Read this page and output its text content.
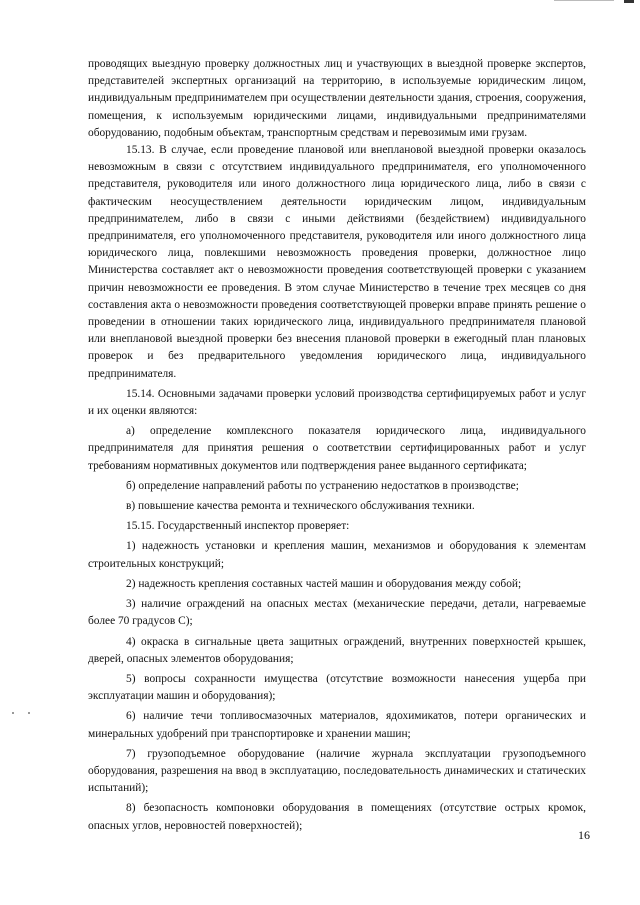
проводящих выездную проверку должностных лиц и участвующих в выездной проверке экспертов, представителей экспертных организаций на территорию, в используемые юридическим лицом, индивидуальным предпринимателем при осуществлении деятельности здания, строения, сооружения, помещения, к используемым юридическими лицами, индивидуальными предпринимателями оборудованию, подобным объектам, транспортным средствам и перевозимым ими грузам.

15.13. В случае, если проведение плановой или внеплановой выездной проверки оказалось невозможным в связи с отсутствием индивидуального предпринимателя, его уполномоченного представителя, руководителя или иного должностного лица юридического лица, либо в связи с фактическим неосуществлением деятельности юридическим лицом, индивидуальным предпринимателем, либо в связи с иными действиями (бездействием) индивидуального предпринимателя, его уполномоченного представителя, руководителя или иного должностного лица юридического лица, повлекшими невозможность проведения проверки, должностное лицо Министерства составляет акт о невозможности проведения соответствующей проверки с указанием причин невозможности ее проведения. В этом случае Министерство в течение трех месяцев со дня составления акта о невозможности проведения соответствующей проверки вправе принять решение о проведении в отношении таких юридического лица, индивидуального предпринимателя плановой или внеплановой выездной проверки без внесения плановой проверки в ежегодный план плановых проверок и без предварительного уведомления юридического лица, индивидуального предпринимателя.

15.14. Основными задачами проверки условий производства сертифицируемых работ и услуг и их оценки являются:

а) определение комплексного показателя юридического лица, индивидуального предпринимателя для принятия решения о соответствии сертифицированных работ и услуг требованиям нормативных документов или подтверждения ранее выданного сертификата;

б) определение направлений работы по устранению недостатков в производстве;

в) повышение качества ремонта и технического обслуживания техники.

15.15. Государственный инспектор проверяет:

1) надежность установки и крепления машин, механизмов и оборудования к элементам строительных конструкций;

2) надежность крепления составных частей машин и оборудования между собой;

3) наличие ограждений на опасных местах (механические передачи, детали, нагреваемые более 70 градусов С);

4) окраска в сигнальные цвета защитных ограждений, внутренних поверхностей крышек, дверей, опасных элементов оборудования;

5) вопросы сохранности имущества (отсутствие возможности нанесения ущерба при эксплуатации машин и оборудования);

6) наличие течи топливосмазочных материалов, ядохимикатов, потери органических и минеральных удобрений при транспортировке и хранении машин;

7) грузоподъемное оборудование (наличие журнала эксплуатации грузоподъемного оборудования, разрешения на ввод в эксплуатацию, последовательность динамических и статических испытаний);

8) безопасность компоновки оборудования в помещениях (отсутствие острых кромок, опасных углов, неровностей поверхностей);

16
